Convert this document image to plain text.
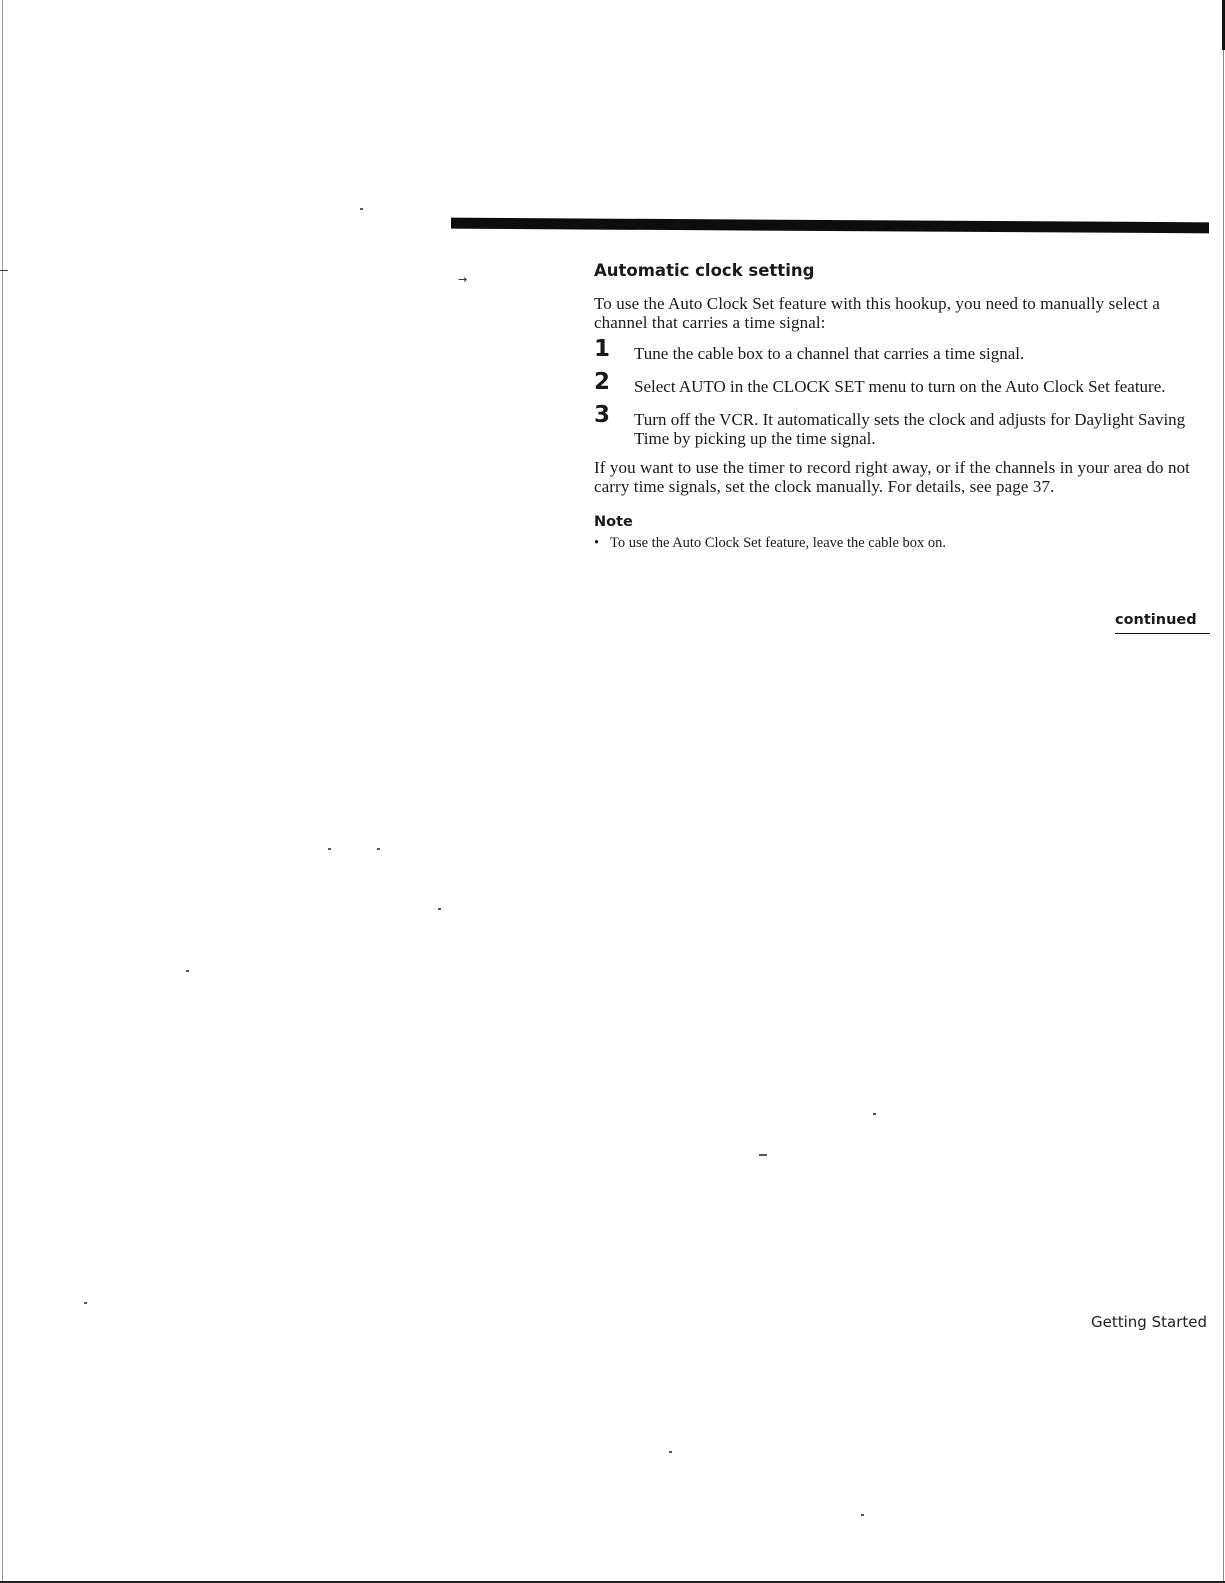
→	Automatic clock setting

To use the Auto Clock Set feature with this hookup, you need to manually select a channel that carries a time signal:

1	Tune the cable box to a channel that carries a time signal.
2	Select AUTO in the CLOCK SET menu to turn on the Auto Clock Set feature.
3	Turn off the VCR. It automatically sets the clock and adjusts for Daylight Saving Time by picking up the time signal.

If you want to use the timer to record right away, or if the channels in your area do not carry time signals, set the clock manually. For details, see page 37.

Note
• To use the Auto Clock Set feature, leave the cable box on.
continued
Getting Started
